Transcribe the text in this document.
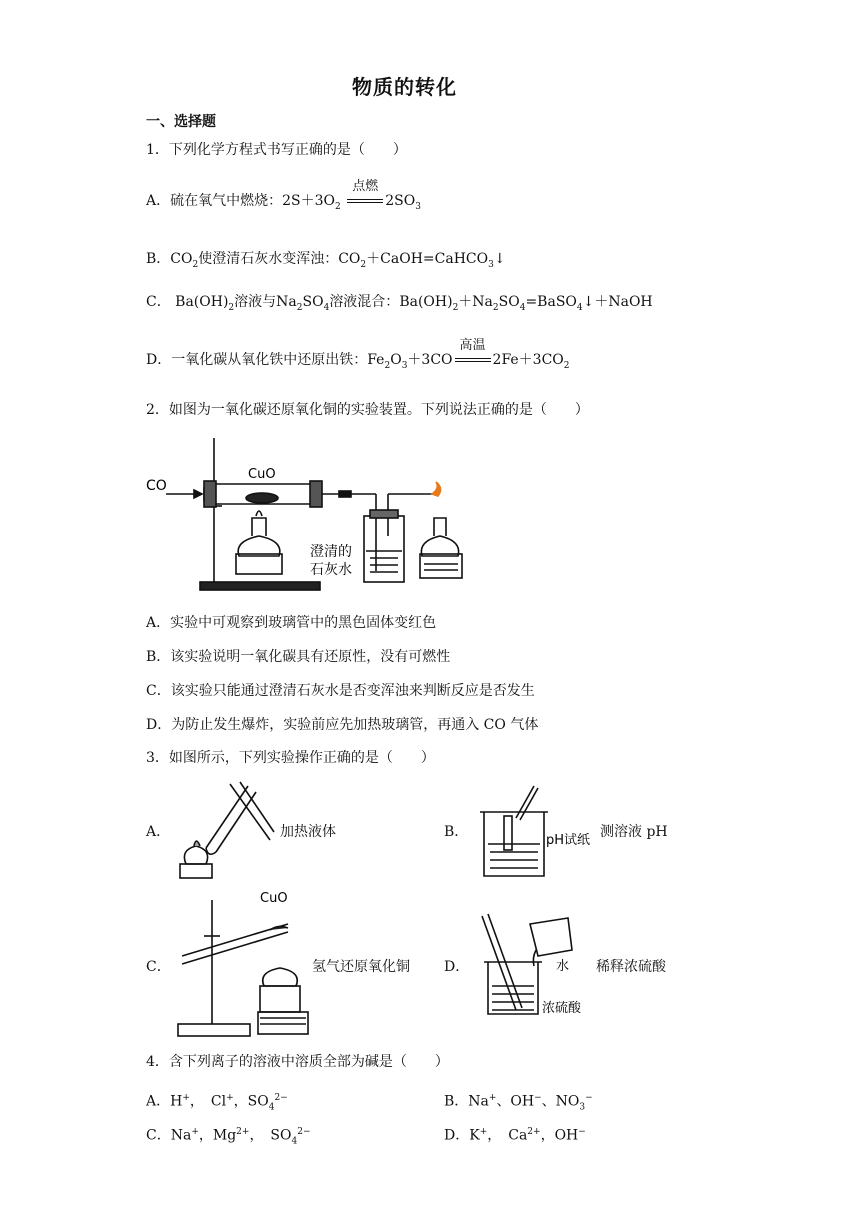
物质的转化
一、选择题
1．下列化学方程式书写正确的是（　　）
A．硫在氧气中燃烧：$2S+3O_2$
点燃
$2SO_3$
B．$CO_2$使澄清石灰水变浑浊：$CO_2+CaOH=CaHCO_3↓$
C． $Ba(OH)_2$溶液与$Na_2SO_4$溶液混合：$Ba(OH)_2+Na_2SO_4=BaSO_4↓+NaOH$
D．一氧化碳从氧化铁中还原出铁：$Fe_2O_3+3CO$
高温
$2Fe+3CO_2$
2．如图为一氧化碳还原氧化铜的实验装置。下列说法正确的是（　　）
CO
CuO
澄清的
石灰水
A．实验中可观察到玻璃管中的黑色固体变红色
B．该实验说明一氧化碳具有还原性，没有可燃性
C．该实验只能通过澄清石灰水是否变浑浊来判断反应是否发生
D．为防止发生爆炸，实验前应先加热玻璃管，再通入 CO 气体
3．如图所示，下列实验操作正确的是（　　）
A．	加热液体	B．
pH试纸
测溶液 pH
C．
CuO
氢气还原氧化铜 D．	水
浓硫酸
稀释浓硫酸
4．含下列离子的溶液中溶质全部为碱是（　　）
A．H+，　Cl+，$SO_4^{2-}$	B．Na+、OH−、$NO_3^-$
C．Na+，$Mg^{2+}$，　$SO_4^{2-}$	D．K+，　$Ca^{2+}$，OH−
